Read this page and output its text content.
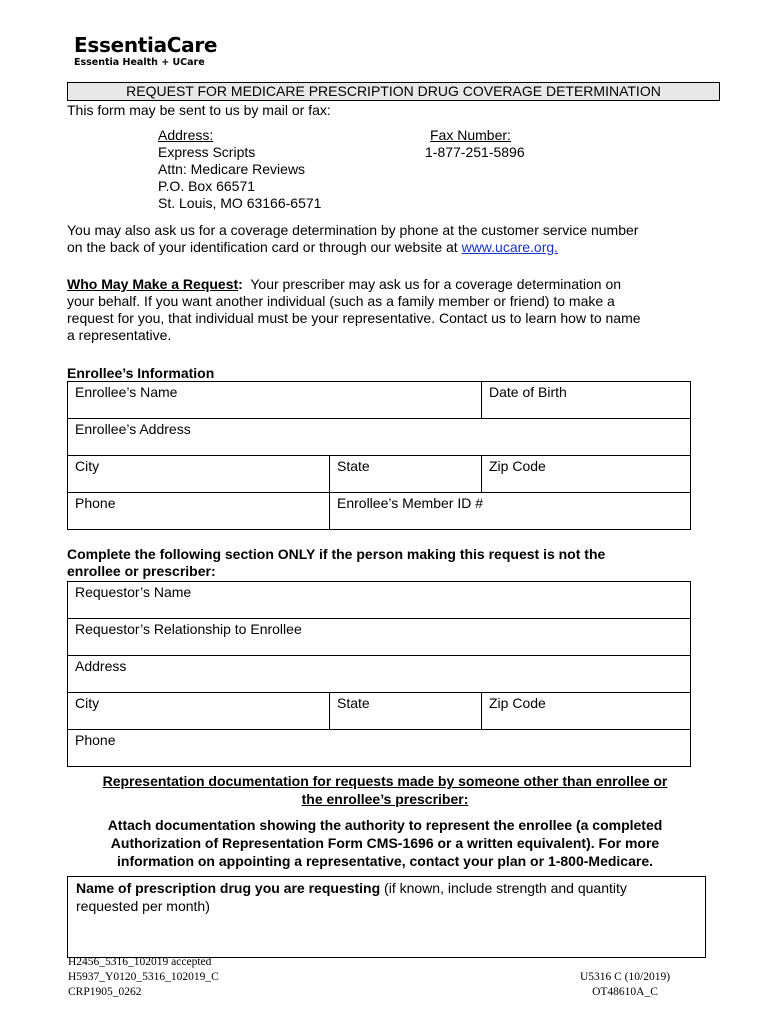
EssentiaCare
Essentia Health + UCare
REQUEST FOR MEDICARE PRESCRIPTION DRUG COVERAGE DETERMINATION
This form may be sent to us by mail or fax:
Address:
Express Scripts
Attn: Medicare Reviews
P.O. Box 66571
St. Louis, MO 63166-6571
Fax Number:
1-877-251-5896
You may also ask us for a coverage determination by phone at the customer service number
on the back of your identification card or through our website at www.ucare.org.
Who May Make a Request:  Your prescriber may ask us for a coverage determination on
your behalf. If you want another individual (such as a family member or friend) to make a
request for you, that individual must be your representative. Contact us to learn how to name
a representative.
Enrollee’s Information
Enrollee’s Name		Date of Birth
Enrollee’s Address		
City	State	Zip Code
Phone	Enrollee’s Member ID #	
Complete the following section ONLY if the person making this request is not the
enrollee or prescriber:
Requestor’s Name
Requestor’s Relationship to Enrollee
Address
City	State	Zip Code
Phone
Representation documentation for requests made by someone other than enrollee or
the enrollee’s prescriber:
Attach documentation showing the authority to represent the enrollee (a completed
Authorization of Representation Form CMS-1696 or a written equivalent). For more
information on appointing a representative, contact your plan or 1-800-Medicare.
Name of prescription drug you are requesting (if known, include strength and quantity
requested per month)
H2456_5316_102019 accepted
H5937_Y0120_5316_102019_C
CRP1905_0262
U5316 C (10/2019)
OT48610A_C
